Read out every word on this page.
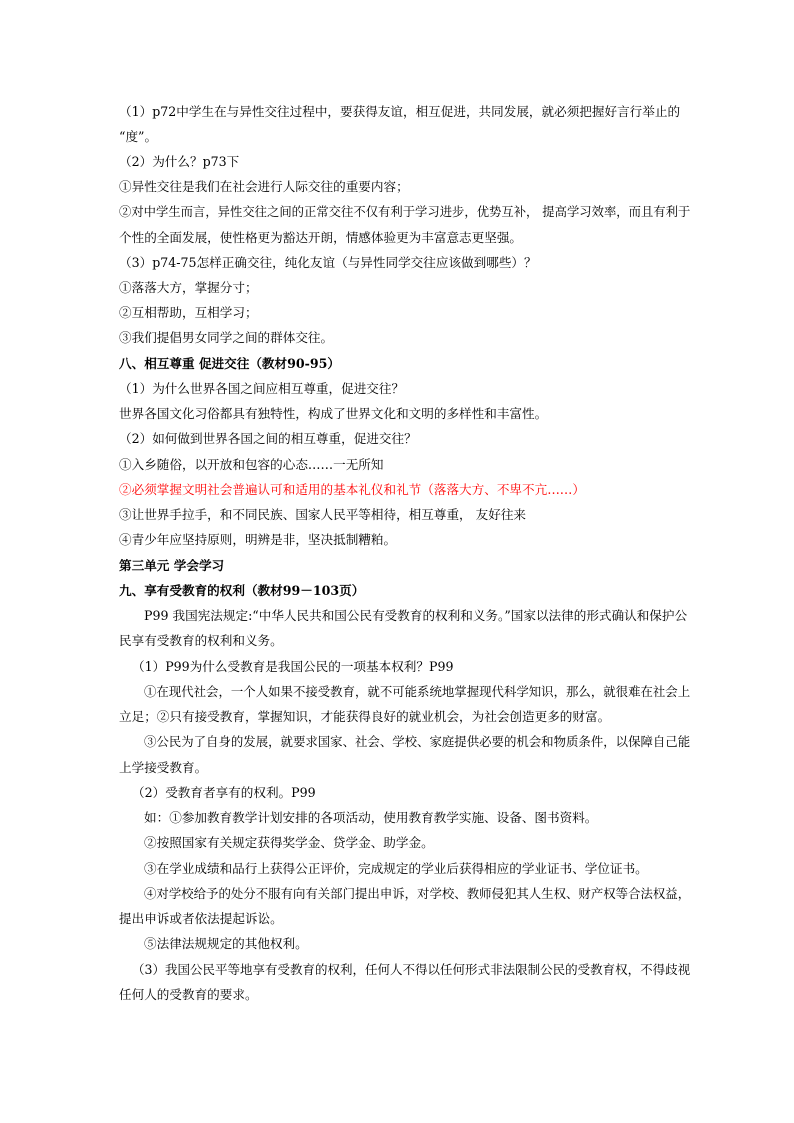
（1）p72中学生在与异性交往过程中，要获得友谊，相互促进，共同发展，就必须把握好言行举止的
“度”。
（2）为什么？p73下
①异性交往是我们在社会进行人际交往的重要内容；
②对中学生而言，异性交往之间的正常交往不仅有利于学习进步，优势互补， 提高学习效率，而且有利于
个性的全面发展，使性格更为豁达开朗，情感体验更为丰富意志更坚强。
（3）p74-75怎样正确交往，纯化友谊（与异性同学交往应该做到哪些）？
①落落大方，掌握分寸；
②互相帮助，互相学习；
③我们提倡男女同学之间的群体交往。
八、相互尊重 促进交往（教材90-95）
（1）为什么世界各国之间应相互尊重，促进交往？
世界各国文化习俗都具有独特性，构成了世界文化和文明的多样性和丰富性。
（2）如何做到世界各国之间的相互尊重，促进交往？
①入乡随俗，以开放和包容的心态……一无所知
②必须掌握文明社会普遍认可和适用的基本礼仪和礼节（落落大方、不卑不亢……）
③让世界手拉手，和不同民族、国家人民平等相待，相互尊重， 友好往来
④青少年应坚持原则，明辨是非，坚决抵制糟粕。
第三单元 学会学习
九、享有受教育的权利（教材99－103页）
P99 我国宪法规定:“中华人民共和国公民有受教育的权利和义务。”国家以法律的形式确认和保护公
民享有受教育的权利和义务。
（1）P99为什么受教育是我国公民的一项基本权利？P99
①在现代社会，一个人如果不接受教育，就不可能系统地掌握现代科学知识，那么，就很难在社会上
立足；②只有接受教育，掌握知识，才能获得良好的就业机会，为社会创造更多的财富。
③公民为了自身的发展，就要求国家、社会、学校、家庭提供必要的机会和物质条件，以保障自己能
上学接受教育。
（2）受教育者享有的权利。P99
如：①参加教育教学计划安排的各项活动，使用教育教学实施、设备、图书资料。
②按照国家有关规定获得奖学金、贷学金、助学金。
③在学业成绩和品行上获得公正评价，完成规定的学业后获得相应的学业证书、学位证书。
④对学校给予的处分不服有向有关部门提出申诉，对学校、教师侵犯其人生权、财产权等合法权益，
提出申诉或者依法提起诉讼。
⑤法律法规规定的其他权利。
（3）我国公民平等地享有受教育的权利，任何人不得以任何形式非法限制公民的受教育权，不得歧视
任何人的受教育的要求。
